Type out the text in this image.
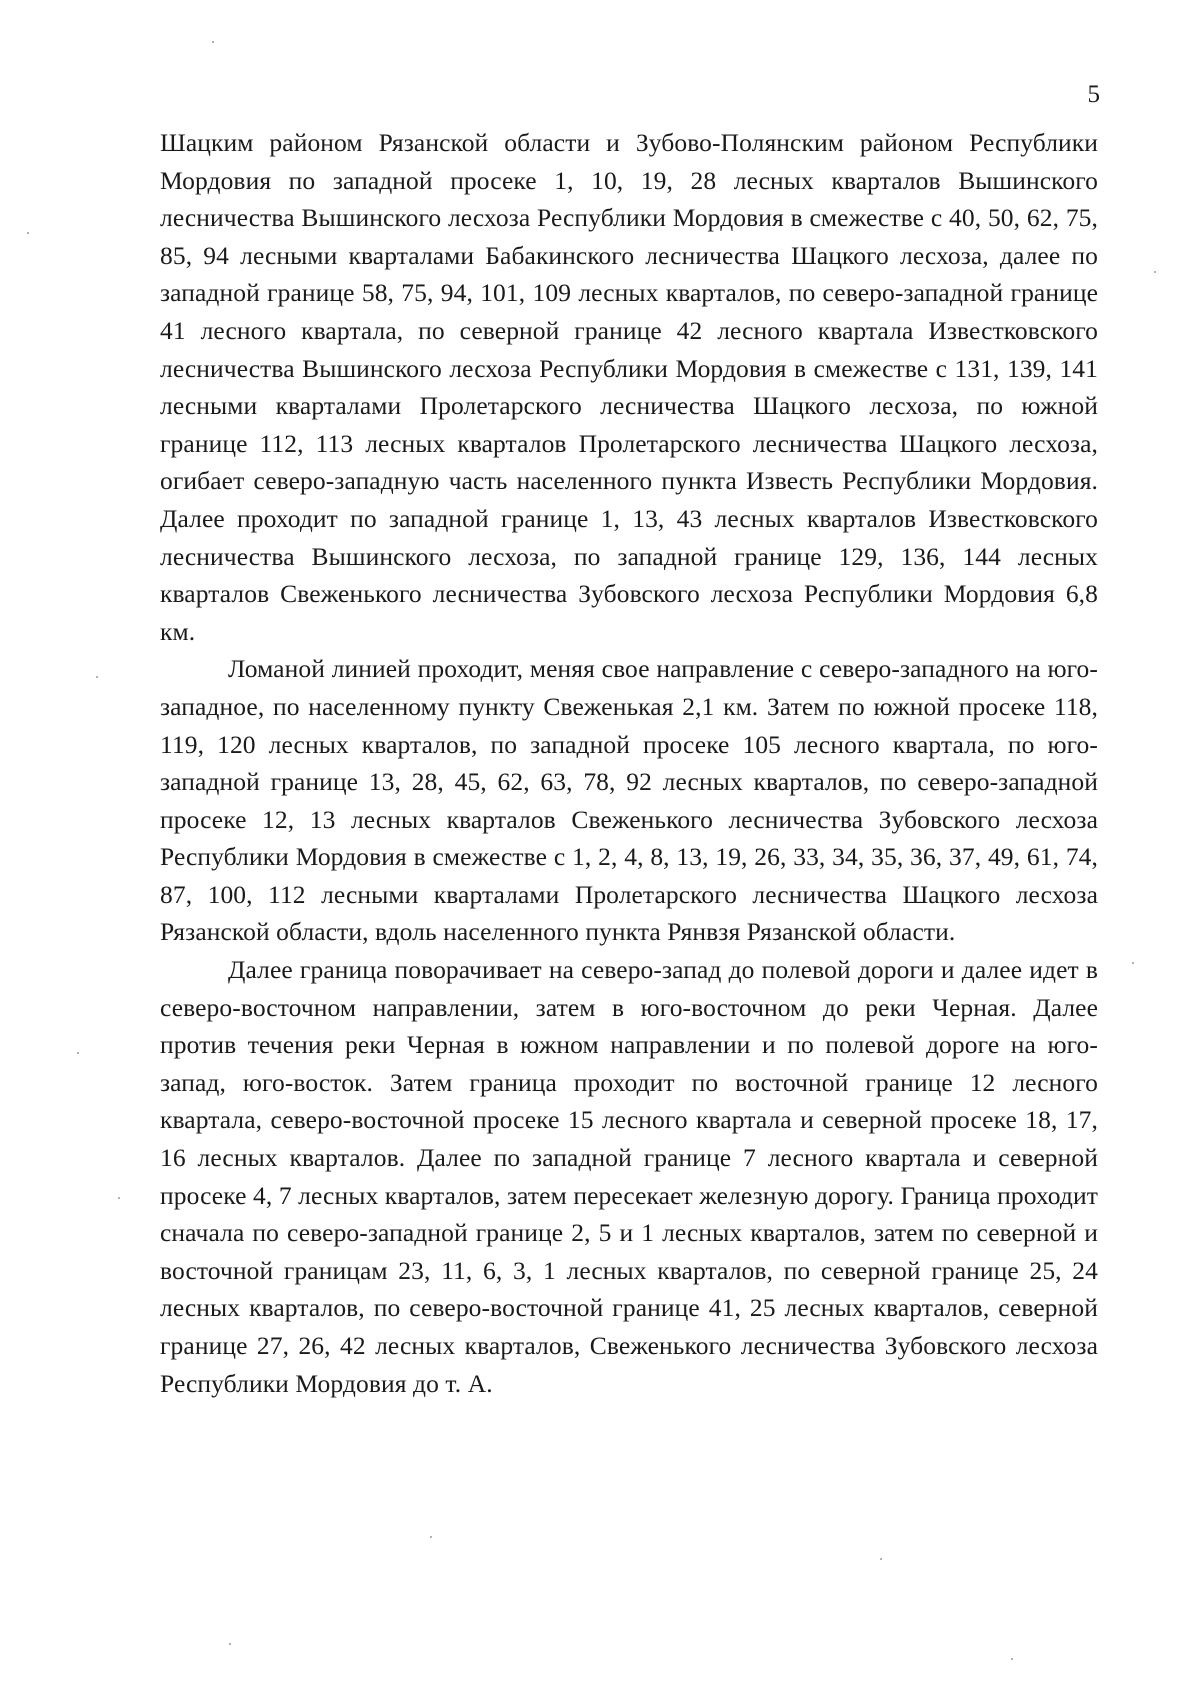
5

Шацким районом Рязанской области и Зубово-Полянским районом Республики Мордовия по западной просеке 1, 10, 19, 28 лесных кварталов Вышинского лесничества Вышинского лесхоза Республики Мордовия в смежестве с 40, 50, 62, 75, 85, 94 лесными кварталами Бабакинского лесничества Шацкого лесхоза, далее по западной границе 58, 75, 94, 101, 109 лесных кварталов, по северо-западной границе 41 лесного квартала, по северной границе 42 лесного квартала Известковского лесничества Вышинского лесхоза Республики Мордовия в смежестве с 131, 139, 141 лесными кварталами Пролетарского лесничества Шацкого лесхоза, по южной границе 112, 113 лесных кварталов Пролетарского лесничества Шацкого лесхоза, огибает северо-западную часть населенного пункта Известь Республики Мордовия. Далее проходит по западной границе 1, 13, 43 лесных кварталов Известковского лесничества Вышинского лесхоза, по западной границе 129, 136, 144 лесных кварталов Свеженького лесничества Зубовского лесхоза Республики Мордовия 6,8 км.

Ломаной линией проходит, меняя свое направление с северо-западного на юго-западное, по населенному пункту Свеженькая 2,1 км. Затем по южной просеке 118, 119, 120 лесных кварталов, по западной просеке 105 лесного квартала, по юго-западной границе 13, 28, 45, 62, 63, 78, 92 лесных кварталов, по северо-западной просеке 12, 13 лесных кварталов Свеженького лесничества Зубовского лесхоза Республики Мордовия в смежестве с 1, 2, 4, 8, 13, 19, 26, 33, 34, 35, 36, 37, 49, 61, 74, 87, 100, 112 лесными кварталами Пролетарского лесничества Шацкого лесхоза Рязанской области, вдоль населенного пункта Рянвзя Рязанской области.

Далее граница поворачивает на северо-запад до полевой дороги и далее идет в северо-восточном направлении, затем в юго-восточном до реки Черная. Далее против течения реки Черная в южном направлении и по полевой дороге на юго-запад, юго-восток. Затем граница проходит по восточной границе 12 лесного квартала, северо-восточной просеке 15 лесного квартала и северной просеке 18, 17, 16 лесных кварталов. Далее по западной границе 7 лесного квартала и северной просеке 4, 7 лесных кварталов, затем пересекает железную дорогу. Граница проходит сначала по северо-западной границе 2, 5 и 1 лесных кварталов, затем по северной и восточной границам 23, 11, 6, 3, 1 лесных кварталов, по северной границе 25, 24 лесных кварталов, по северо-восточной границе 41, 25 лесных кварталов, северной границе 27, 26, 42 лесных кварталов, Свеженького лесничества Зубовского лесхоза Республики Мордовия до т. А.
